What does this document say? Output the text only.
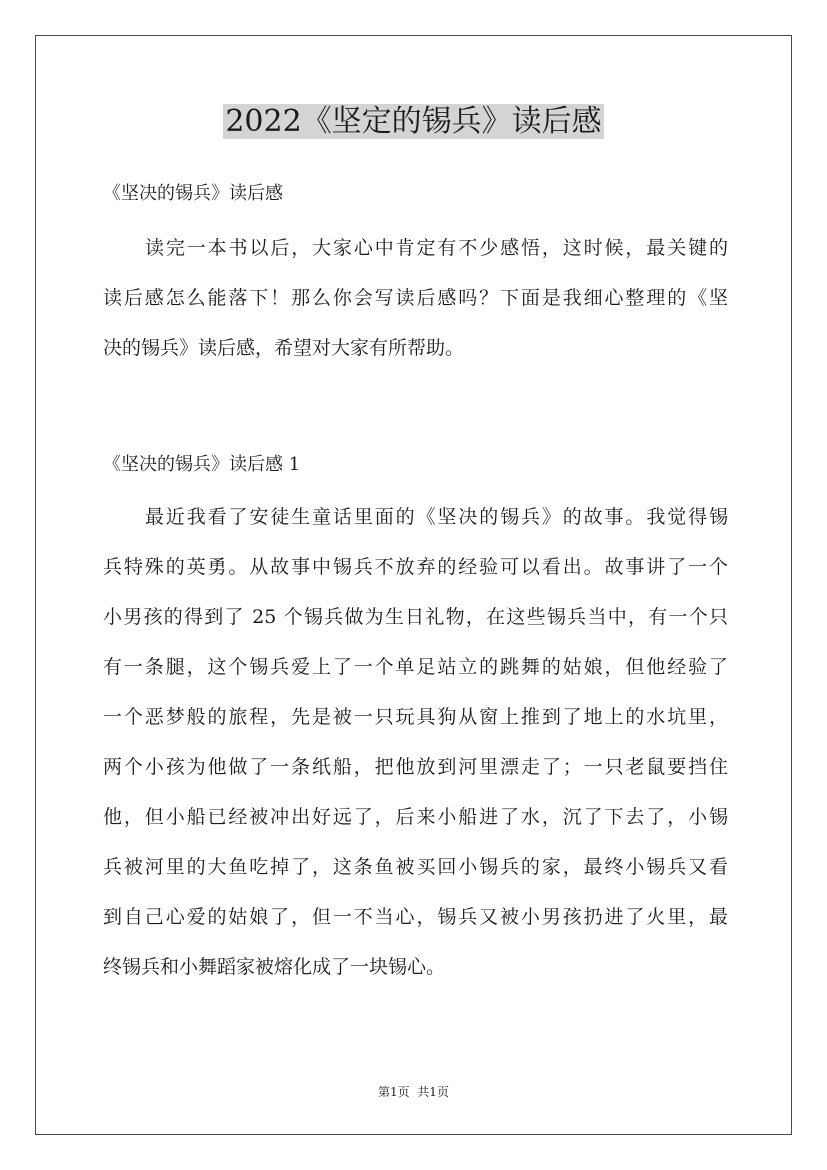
2022《坚定的锡兵》读后感
《坚决的锡兵》读后感
读完一本书以后，大家心中肯定有不少感悟，这时候，最关键的
读后感怎么能落下！那么你会写读后感吗？下面是我细心整理的《坚
决的锡兵》读后感，希望对大家有所帮助。
《坚决的锡兵》读后感 1
最近我看了安徒生童话里面的《坚决的锡兵》的故事。我觉得锡
兵特殊的英勇。从故事中锡兵不放弃的经验可以看出。故事讲了一个
小男孩的得到了 25 个锡兵做为生日礼物，在这些锡兵当中，有一个只
有一条腿，这个锡兵爱上了一个单足站立的跳舞的姑娘，但他经验了
一个恶梦般的旅程，先是被一只玩具狗从窗上推到了地上的水坑里，
两个小孩为他做了一条纸船，把他放到河里漂走了；一只老鼠要挡住
他，但小船已经被冲出好远了，后来小船进了水，沉了下去了，小锡
兵被河里的大鱼吃掉了，这条鱼被买回小锡兵的家，最终小锡兵又看
到自己心爱的姑娘了，但一不当心，锡兵又被小男孩扔进了火里，最
终锡兵和小舞蹈家被熔化成了一块锡心。
第1页  共1页
